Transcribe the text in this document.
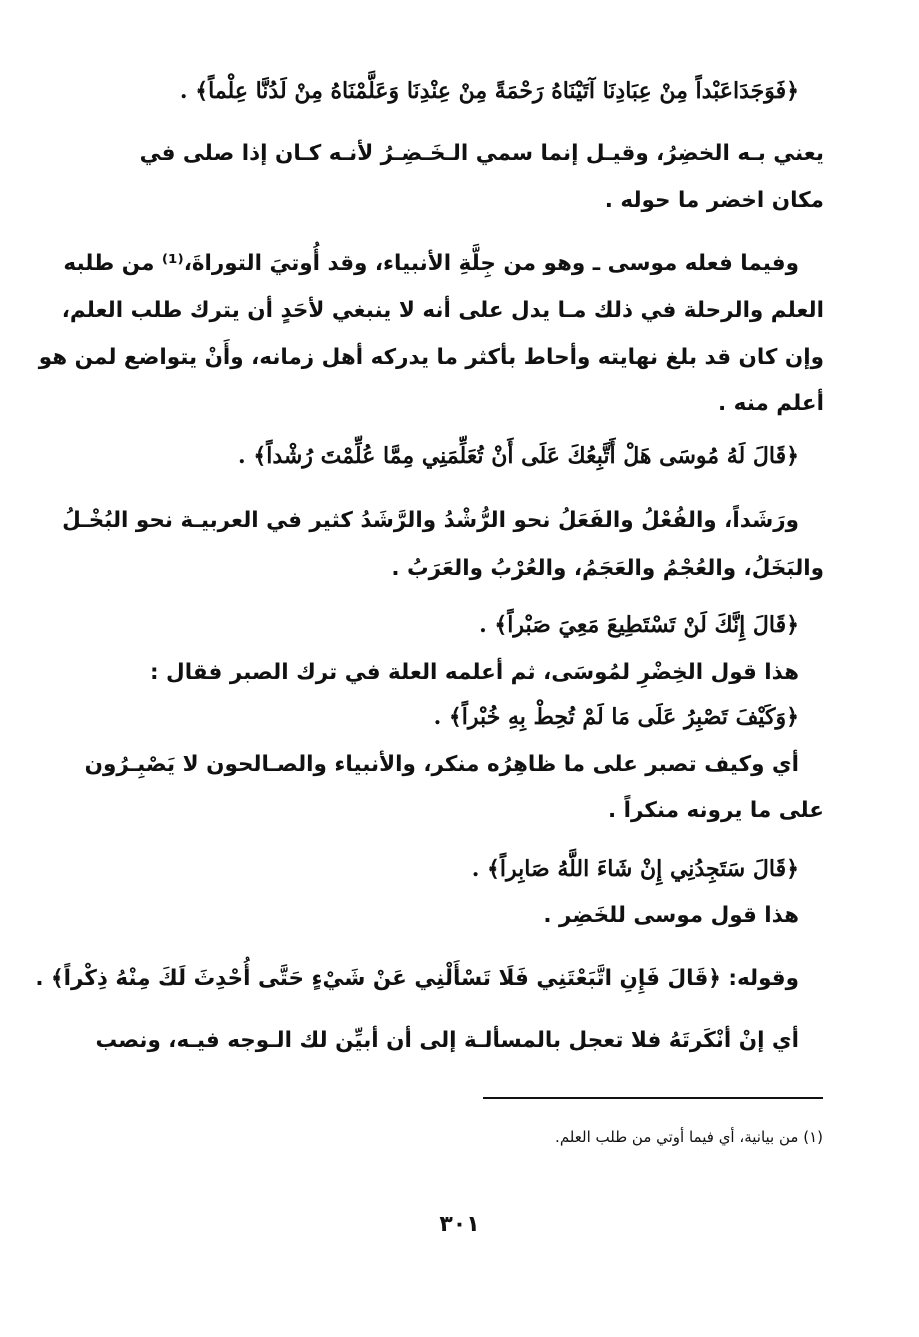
﴿فَوَجَدَاعَبْداً مِنْ عِبَادِنَا آتَيْنَاهُ رَحْمَةً مِنْ عِنْدِنَا وَعَلَّمْنَاهُ مِنْ لَدُنَّا عِلْماً﴾ .
يعني بـه الخضِرُ، وقيـل إنما سمي الـخَـضِـرُ لأنـه كـان إذا صلى في
مكان اخضر ما حوله .
وفيما فعله موسى ـ وهو من جِلَّةِ الأنبياء، وقد أُوتيَ التوراةَ،⁽¹⁾ من طلبه
العلم والرحلة في ذلك مـا يدل على أنه لا ينبغي لأحَدٍ أن يترك طلب العلم،
وإن كان قد بلغ نهايته وأحاط بأكثر ما يدركه أهل زمانه، وأَنْ يتواضع لمن هو
أعلم منه .
﴿قَالَ لَهُ مُوسَى هَلْ أَتَّبِعُكَ عَلَى أَنْ تُعَلِّمَنِي مِمَّا عُلِّمْتَ رُشْداً﴾ .
ورَشَداً، والفُعْلُ والفَعَلُ نحو الرُّشْدُ والرَّشَدُ كثير في العربيـة نحو البُخْـلُ
والبَخَلُ، والعُجْمُ والعَجَمُ، والعُرْبُ والعَرَبُ .
﴿قَالَ إِنَّكَ لَنْ تَسْتَطِيعَ مَعِيَ صَبْراً﴾ .
هذا قول الخِضْرِ لمُوسَى، ثم أعلمه العلة في ترك الصبر فقال :
﴿وَكَيْفَ تَصْبِرُ عَلَى مَا لَمْ تُحِطْ بِهِ خُبْراً﴾ .
أي وكيف تصبر على ما ظاهِرُه منكر، والأنبياء والصـالحون لا يَصْبِـرُون
على ما يرونه منكراً .
﴿قَالَ سَتَجِدُنِي إِنْ شَاءَ اللَّهُ صَابِراً﴾ .
هذا قول موسى للخَضِر .
وقوله: ﴿قَالَ فَإِنِ اتَّبَعْتَنِي فَلَا تَسْأَلْنِي عَنْ شَيْءٍ حَتَّى أُحْدِثَ لَكَ مِنْهُ ذِكْراً﴾ .
أي إنْ أنْكَرتَهُ فلا تعجل بالمسألـة إلى أن أبيِّن لك الـوجه فيـه، ونصب
(١) من بيانية، أي فيما أوتي من طلب العلم.
٣٠١
